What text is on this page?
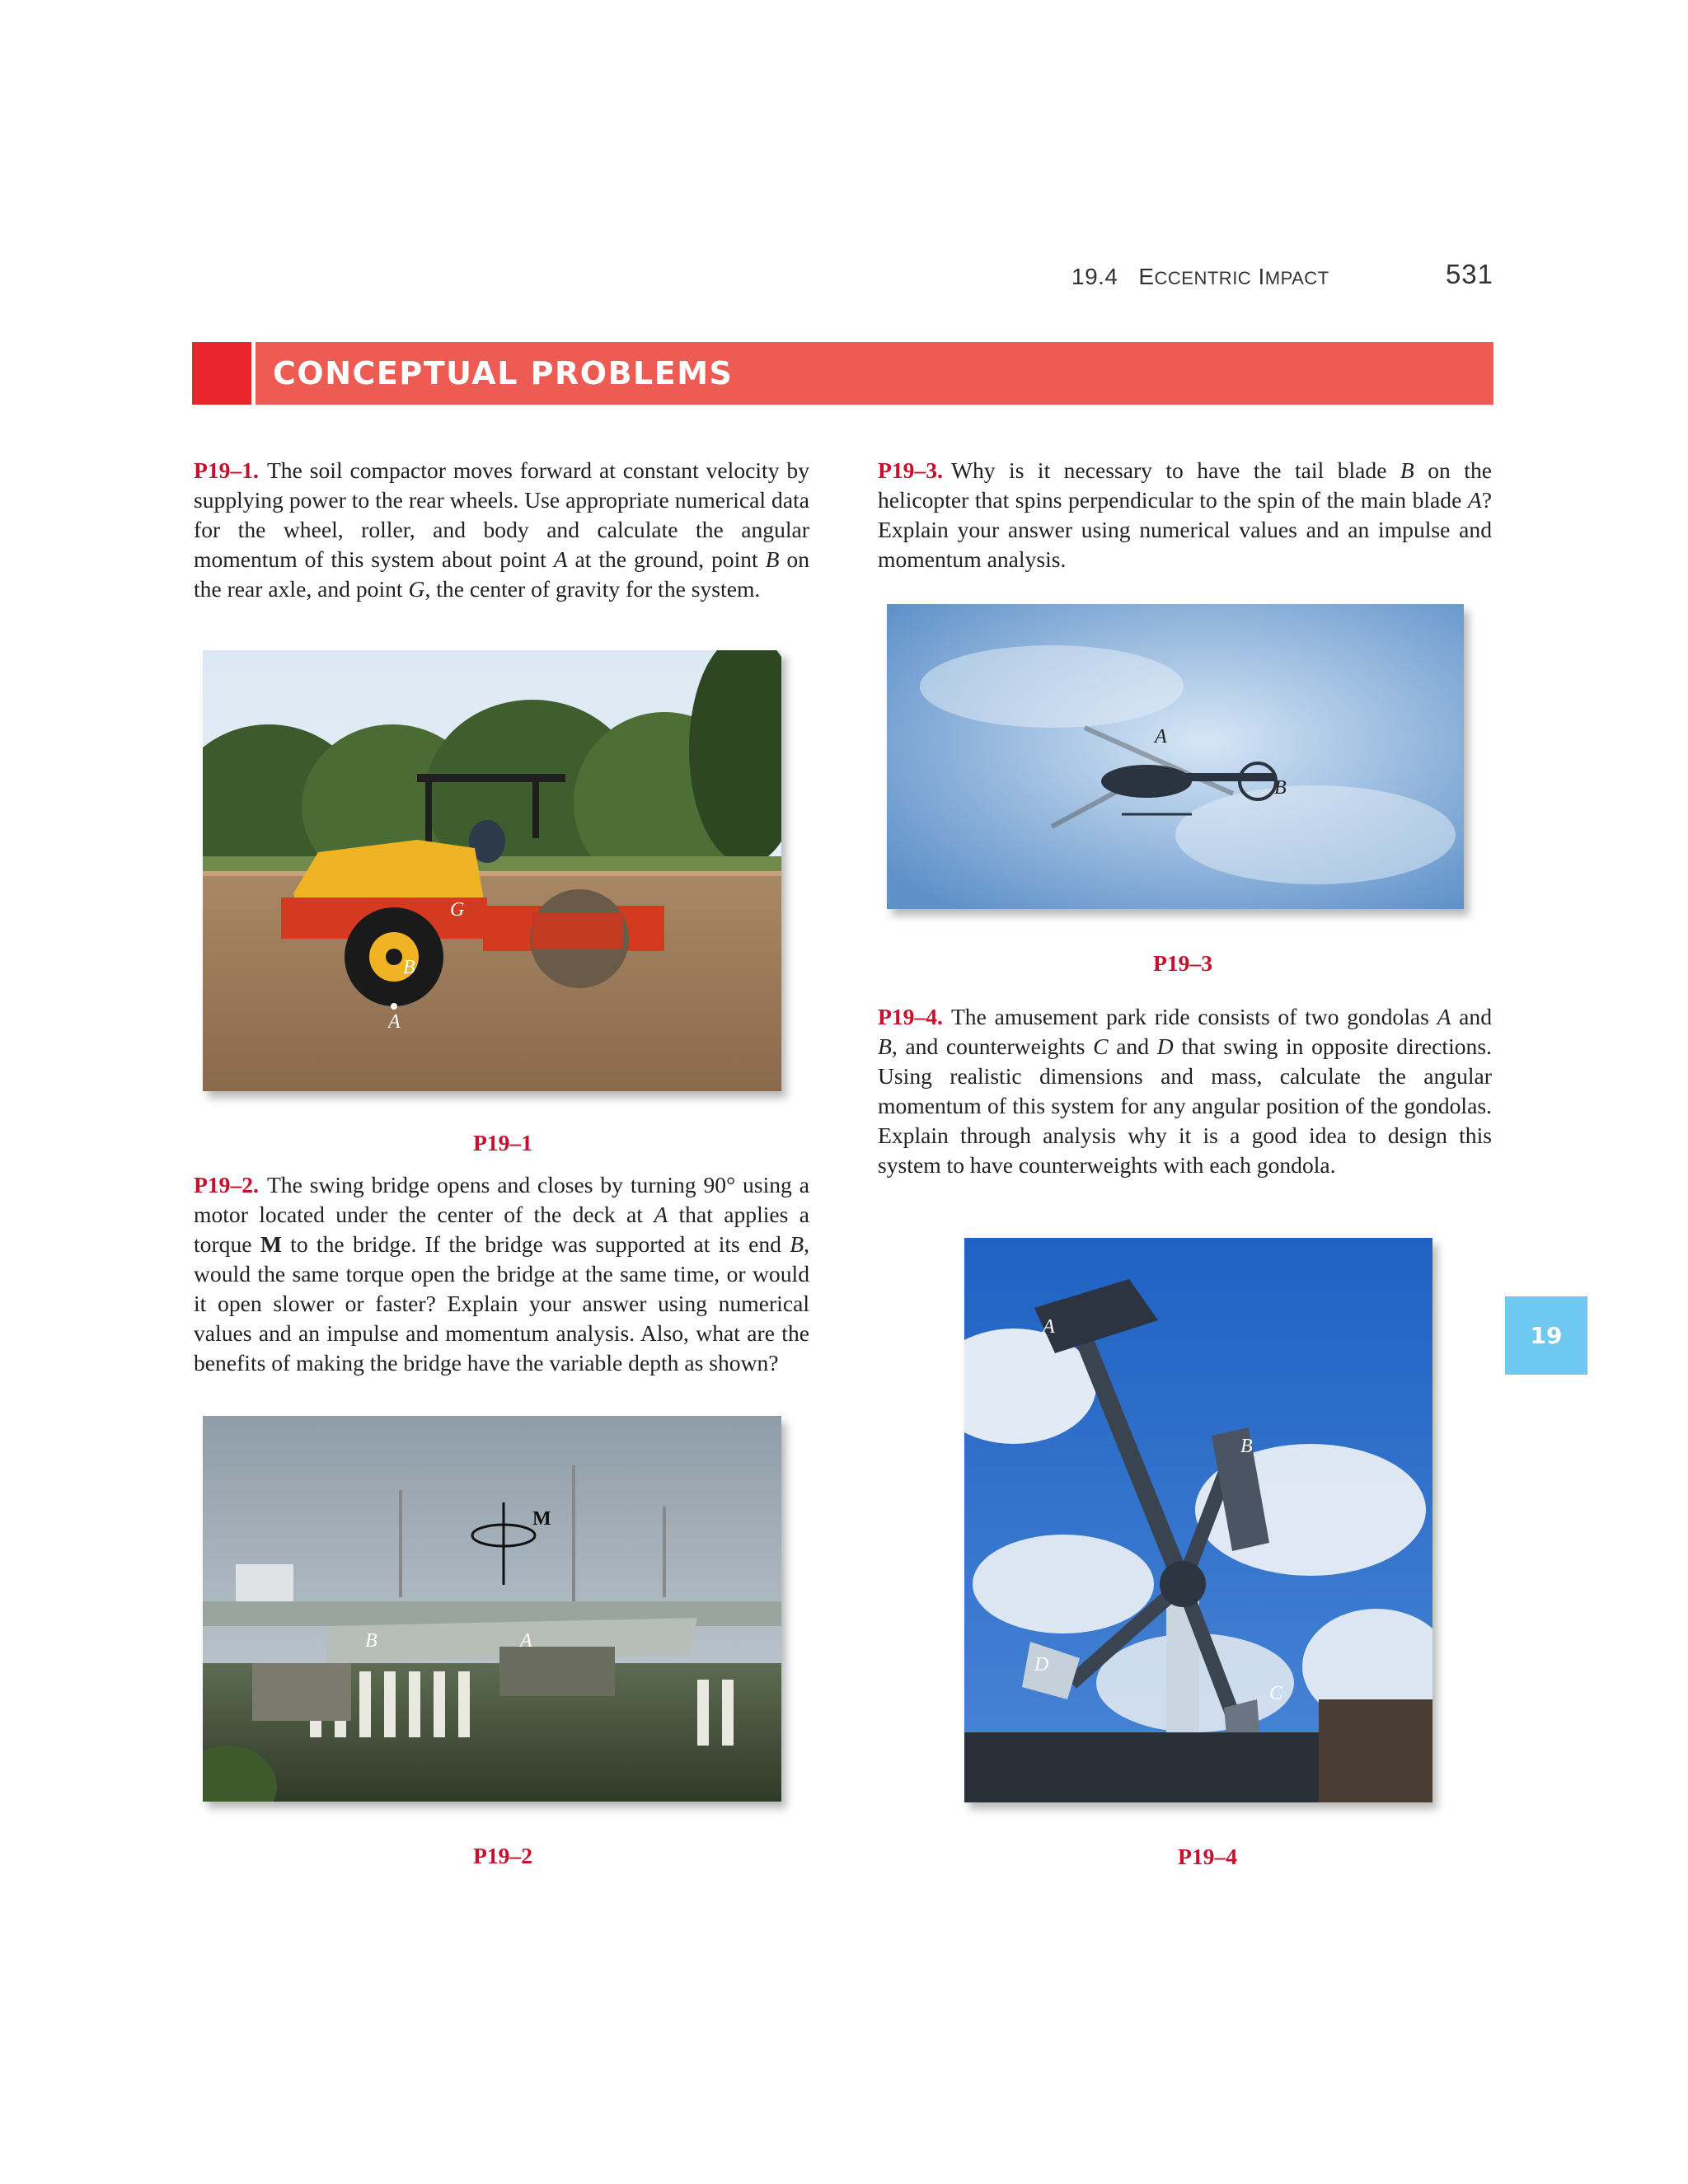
19.4 ECCENTRIC IMPACT	531
CONCEPTUAL PROBLEMS
P19–1. The soil compactor moves forward at constant velocity by supplying power to the rear wheels. Use appropriate numerical data for the wheel, roller, and body and calculate the angular momentum of this system about point A at the ground, point B on the rear axle, and point G, the center of gravity for the system.
G
B
A
P19–1
P19–2. The swing bridge opens and closes by turning 90° using a motor located under the center of the deck at A that applies a torque M to the bridge. If the bridge was supported at its end B, would the same torque open the bridge at the same time, or would it open slower or faster? Explain your answer using numerical values and an impulse and momentum analysis. Also, what are the benefits of making the bridge have the variable depth as shown?
M
B	A
P19–2
P19–3. Why is it necessary to have the tail blade B on the helicopter that spins perpendicular to the spin of the main blade A? Explain your answer using numerical values and an impulse and momentum analysis.
A
B
P19–3
P19–4. The amusement park ride consists of two gondolas A and B, and counterweights C and D that swing in opposite directions. Using realistic dimensions and mass, calculate the angular momentum of this system for any angular position of the gondolas. Explain through analysis why it is a good idea to design this system to have counterweights with each gondola.
A
B
D
C
P19–4
19
